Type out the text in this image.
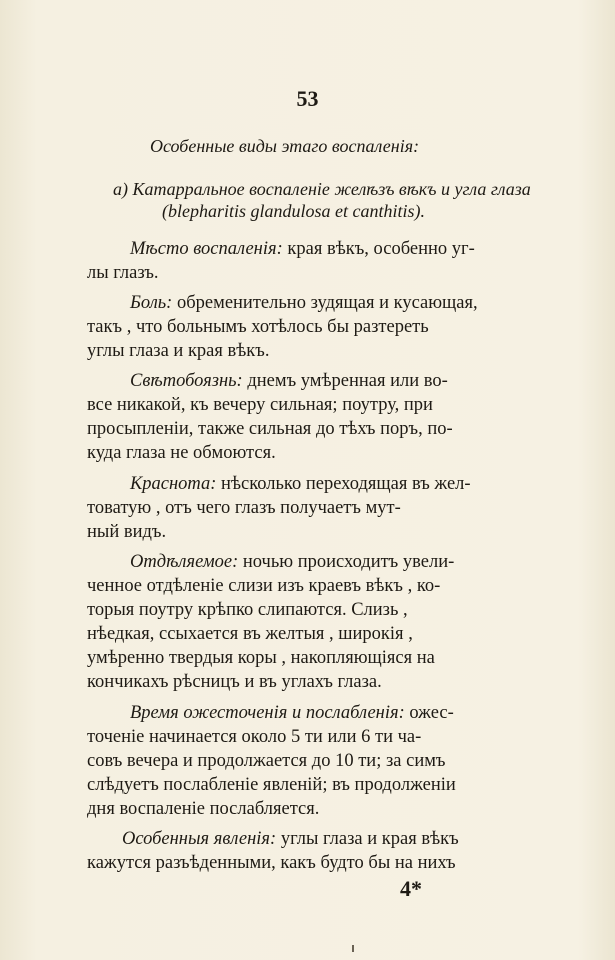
53
Особенные виды этаго воспаленія:
a) Катарральное воспаленіе желѣзъ вѣкъ и угла глаза
(blepharitis glandulosa et canthitis).
Мѣсто воспаленія: края вѣкъ, особенно уг-
лы глазъ.
Боль: обременительно зудящая и кусающая,
такъ , что больнымъ хотѣлось бы разтереть
углы глаза и края вѣкъ.
Свѣтобоязнь: днемъ умѣренная или во-
все никакой, къ вечеру сильная; поутру, при
просыпленіи, также сильная до тѣхъ поръ, по-
куда глаза не обмоются.
Краснота: нѣсколько переходящая въ жел-
товатую , отъ чего глазъ получаетъ мут-
ный видъ.
Отдѣляемое: ночью происходитъ увели-
ченное отдѣленіе слизи изъ краевъ вѣкъ , ко-
торыя поутру крѣпко слипаются. Слизь ,
нѣедкая, ссыхается въ желтыя , широкія ,
умѣренно твердыя коры , накопляющіяся на
кончикахъ рѣсницъ и въ углахъ глаза.
Время ожесточенія и послабленія: ожес-
точеніе начинается около 5 ти или 6 ти ча-
совъ вечера и продолжается до 10 ти; за симъ
слѣдуетъ послабленіе явленій; въ продолженіи
дня воспаленіе послабляется.
Особенныя явленія: углы глаза и края вѣкъ
кажутся разъѣденными, какъ будто бы на нихъ
4*
